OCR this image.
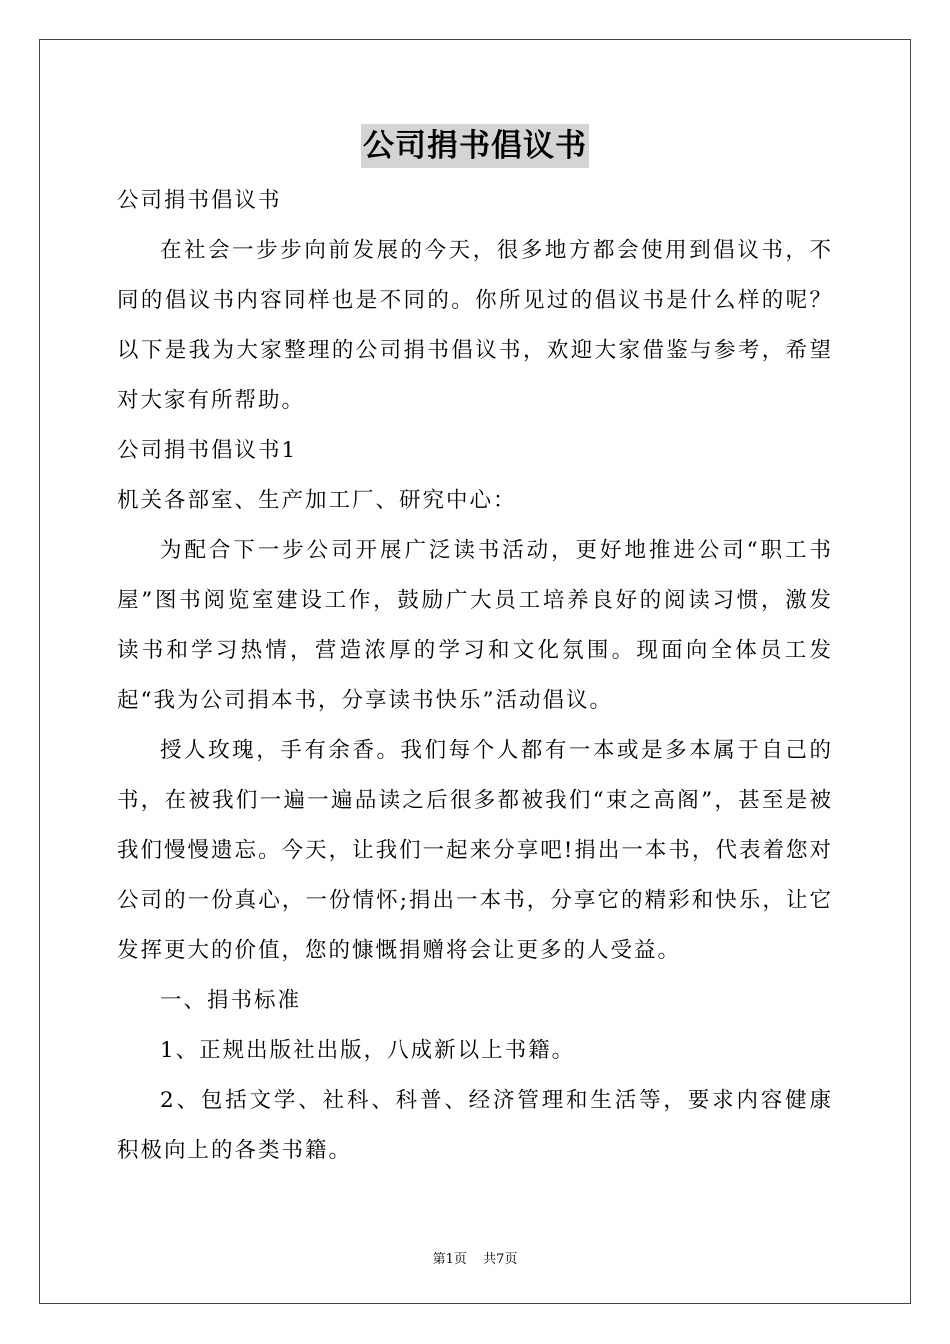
公司捐书倡议书

公司捐书倡议书

在社会一步步向前发展的今天，很多地方都会使用到倡议书，不同的倡议书内容同样也是不同的。你所见过的倡议书是什么样的呢？以下是我为大家整理的公司捐书倡议书，欢迎大家借鉴与参考，希望对大家有所帮助。

公司捐书倡议书1

机关各部室、生产加工厂、研究中心：

为配合下一步公司开展广泛读书活动，更好地推进公司“职工书屋”图书阅览室建设工作，鼓励广大员工培养良好的阅读习惯，激发读书和学习热情，营造浓厚的学习和文化氛围。现面向全体员工发起“我为公司捐本书，分享读书快乐”活动倡议。

授人玫瑰，手有余香。我们每个人都有一本或是多本属于自己的书，在被我们一遍一遍品读之后很多都被我们“束之高阁”，甚至是被我们慢慢遗忘。今天，让我们一起来分享吧!捐出一本书，代表着您对公司的一份真心，一份情怀;捐出一本书，分享它的精彩和快乐，让它发挥更大的价值，您的慷慨捐赠将会让更多的人受益。

一、捐书标准

1、正规出版社出版，八成新以上书籍。

2、包括文学、社科、科普、经济管理和生活等，要求内容健康积极向上的各类书籍。

第1页 共7页
